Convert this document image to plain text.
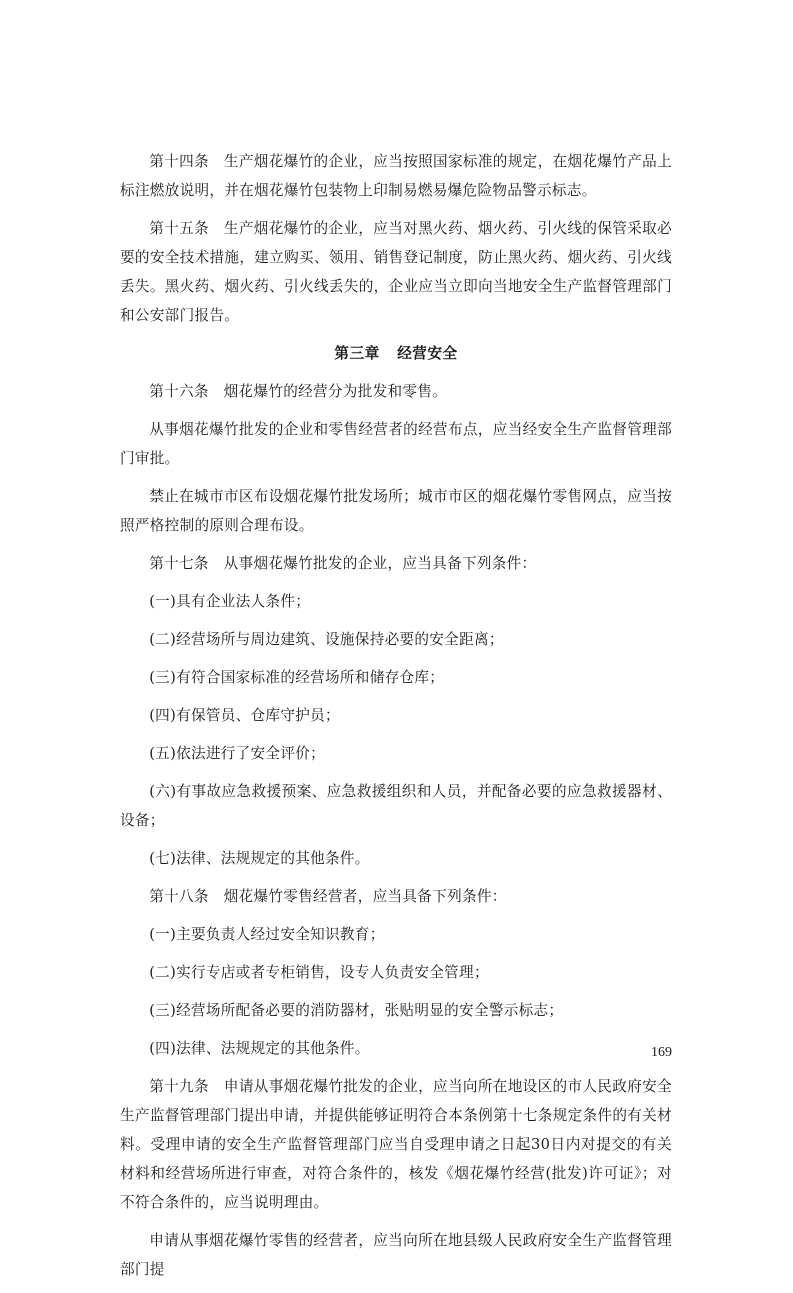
第十四条　生产烟花爆竹的企业，应当按照国家标准的规定，在烟花爆竹产品上标注燃放说明，并在烟花爆竹包装物上印制易燃易爆危险物品警示标志。

第十五条　生产烟花爆竹的企业，应当对黑火药、烟火药、引火线的保管采取必要的安全技术措施，建立购买、领用、销售登记制度，防止黑火药、烟火药、引火线丢失。黑火药、烟火药、引火线丢失的，企业应当立即向当地安全生产监督管理部门和公安部门报告。

第三章 经营安全

第十六条　烟花爆竹的经营分为批发和零售。

从事烟花爆竹批发的企业和零售经营者的经营布点，应当经安全生产监督管理部门审批。

禁止在城市市区布设烟花爆竹批发场所；城市市区的烟花爆竹零售网点，应当按照严格控制的原则合理布设。

第十七条　从事烟花爆竹批发的企业，应当具备下列条件：

(一)具有企业法人条件；

(二)经营场所与周边建筑、设施保持必要的安全距离；

(三)有符合国家标准的经营场所和储存仓库；

(四)有保管员、仓库守护员；

(五)依法进行了安全评价；

(六)有事故应急救援预案、应急救援组织和人员，并配备必要的应急救援器材、设备；

(七)法律、法规规定的其他条件。

第十八条　烟花爆竹零售经营者，应当具备下列条件：

(一)主要负责人经过安全知识教育；

(二)实行专店或者专柜销售，设专人负责安全管理；

(三)经营场所配备必要的消防器材，张贴明显的安全警示标志；

(四)法律、法规规定的其他条件。

第十九条　申请从事烟花爆竹批发的企业，应当向所在地设区的市人民政府安全生产监督管理部门提出申请，并提供能够证明符合本条例第十七条规定条件的有关材料。受理申请的安全生产监督管理部门应当自受理申请之日起30日内对提交的有关材料和经营场所进行审查，对符合条件的，核发《烟花爆竹经营(批发)许可证》；对不符合条件的，应当说明理由。

申请从事烟花爆竹零售的经营者，应当向所在地县级人民政府安全生产监督管理部门提

169
